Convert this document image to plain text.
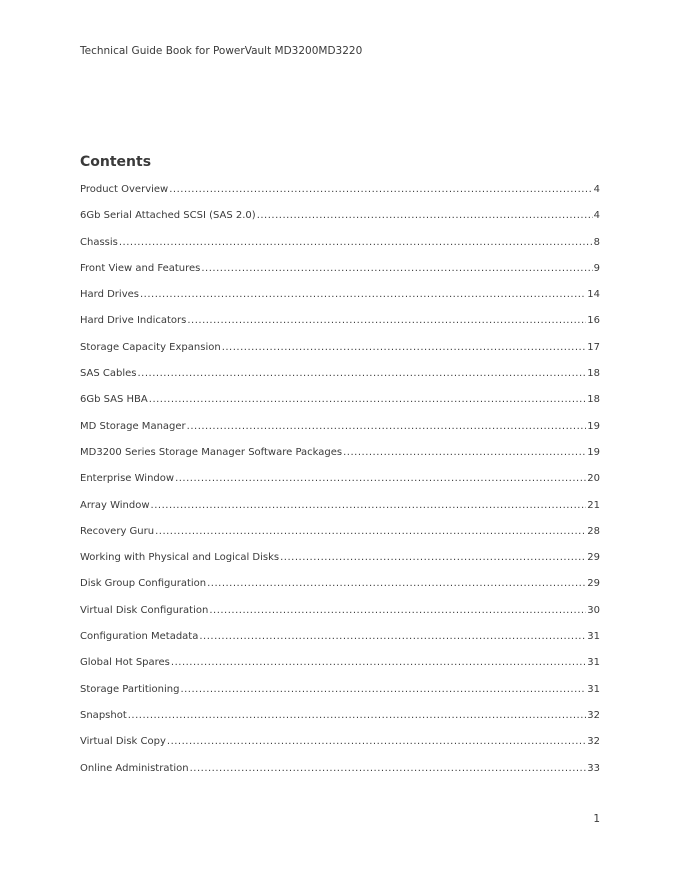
Technical Guide Book for PowerVault MD3200MD3220
Contents
Product Overview .....	4
6Gb Serial Attached SCSI (SAS 2.0) .....	4
Chassis .....	8
Front View and Features .....	9
Hard Drives .....	14
Hard Drive Indicators .....	16
Storage Capacity Expansion .....	17
SAS Cables .....	18
6Gb SAS HBA .....	18
MD Storage Manager .....	19
MD3200 Series Storage Manager Software Packages .....	19
Enterprise Window .....	20
Array Window .....	21
Recovery Guru .....	28
Working with Physical and Logical Disks .....	29
Disk Group Configuration .....	29
Virtual Disk Configuration .....	30
Configuration Metadata .....	31
Global Hot Spares .....	31
Storage Partitioning .....	31
Snapshot .....	32
Virtual Disk Copy .....	32
Online Administration .....	33
1
